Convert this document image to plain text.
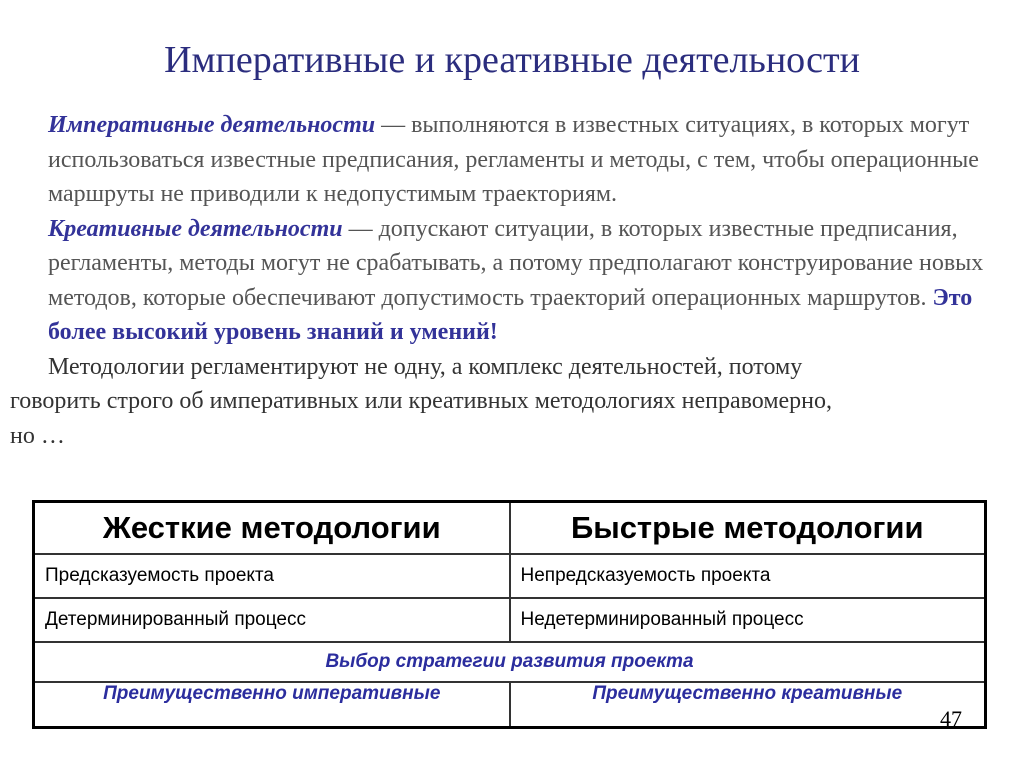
Императивные и креативные деятельности

Императивные деятельности — выполняются в известных ситуациях, в которых могут использоваться известные предписания, регламенты и методы, с тем, чтобы операционные маршруты не приводили к недопустимым траекториям.

Креативные деятельности — допускают ситуации, в которых известные предписания, регламенты, методы могут не срабатывать, а потому предполагают конструирование новых методов, которые обеспечивают допустимость траекторий операционных маршрутов. Это более высокий уровень знаний и умений!

Методологии регламентируют не одну, а комплекс деятельностей, потому

говорить строго об императивных или креативных методологиях неправомерно,
но …

Жесткие методологии	Быстрые методологии
Предсказуемость проекта	Непредсказуемость проекта
Детерминированный процесс	Недетерминированный процесс
Выбор стратегии развития проекта	
Преимущественно императивные	Преимущественно креативные
47
